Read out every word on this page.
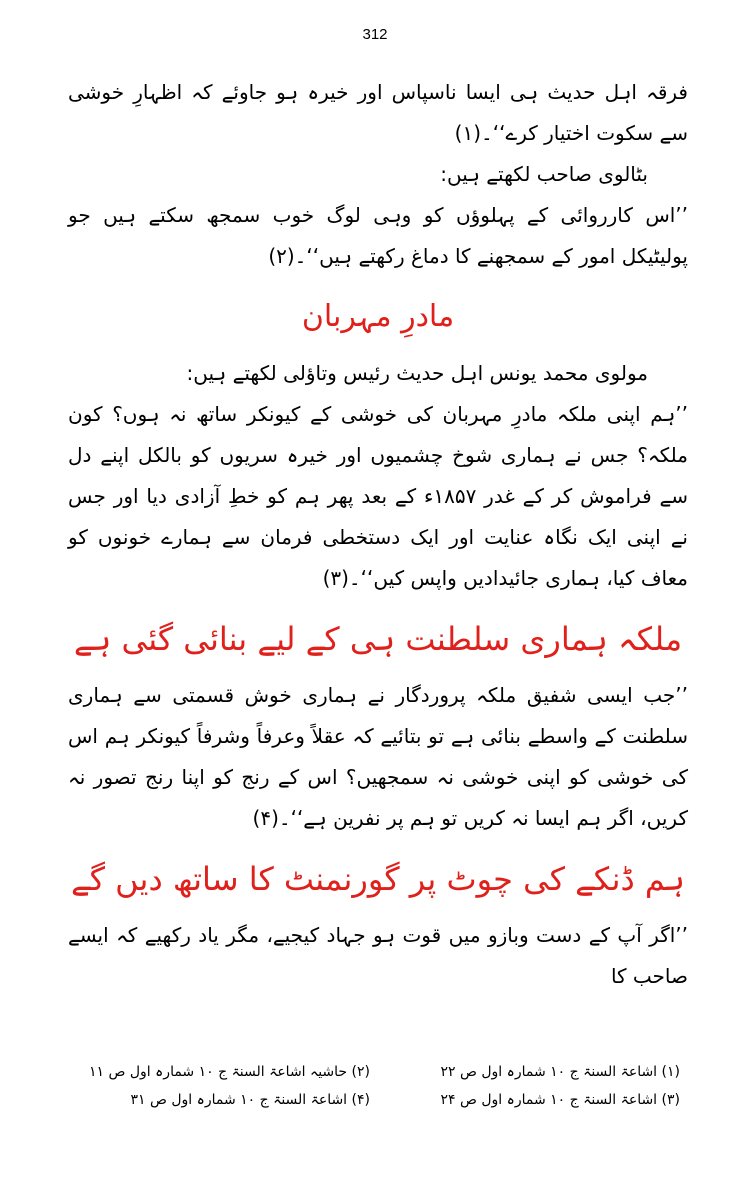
312

فرقہ اہل حدیث ہی ایسا ناسپاس اور خیرہ ہو جاوئے کہ اظہارِ خوشی سے سکوت اختیار کرے‘‘۔(۱)

بٹالوی صاحب لکھتے ہیں:

’’اس کارروائی کے پہلوؤں کو وہی لوگ خوب سمجھ سکتے ہیں جو پولیٹیکل امور کے سمجھنے کا دماغ رکھتے ہیں‘‘۔(۲)

مادرِ مہربان

مولوی محمد یونس اہل حدیث رئیس وتاؤلی لکھتے ہیں:

’’ہم اپنی ملکہ مادرِ مہربان کی خوشی کے کیونکر ساتھ نہ ہوں؟ کون ملکہ؟ جس نے ہماری شوخ چشمیوں اور خیرہ سریوں کو بالکل اپنے دل سے فراموش کر کے غدر ۱۸۵۷ء کے بعد پھر ہم کو خطِ آزادی دیا اور جس نے اپنی ایک نگاہ عنایت اور ایک دستخطی فرمان سے ہمارے خونوں کو معاف کیا، ہماری جائیدادیں واپس کیں‘‘۔(۳)

ملکہ ہماری سلطنت ہی کے لیے بنائی گئی ہے

’’جب ایسی شفیق ملکہ پروردگار نے ہماری خوش قسمتی سے ہماری سلطنت کے واسطے بنائی ہے تو بتائیے کہ عقلاً وعرفاً وشرفاً کیونکر ہم اس کی خوشی کو اپنی خوشی نہ سمجھیں؟ اس کے رنج کو اپنا رنج تصور نہ کریں، اگر ہم ایسا نہ کریں تو ہم پر نفرین ہے‘‘۔(۴)

ہم ڈنکے کی چوٹ پر گورنمنٹ کا ساتھ دیں گے

’’اگر آپ کے دست وبازو میں قوت ہو جہاد کیجیے، مگر یاد رکھیے کہ ایسے صاحب کا

(۱) اشاعۃ السنۃ ج ۱۰ شمارہ اول ص ۲۲
(۲) حاشیہ اشاعۃ السنۃ ج ۱۰ شمارہ اول ص ۱۱
(۳) اشاعۃ السنۃ ج ۱۰ شمارہ اول ص ۲۴
(۴) اشاعۃ السنۃ ج ۱۰ شمارہ اول ص ۳۱
